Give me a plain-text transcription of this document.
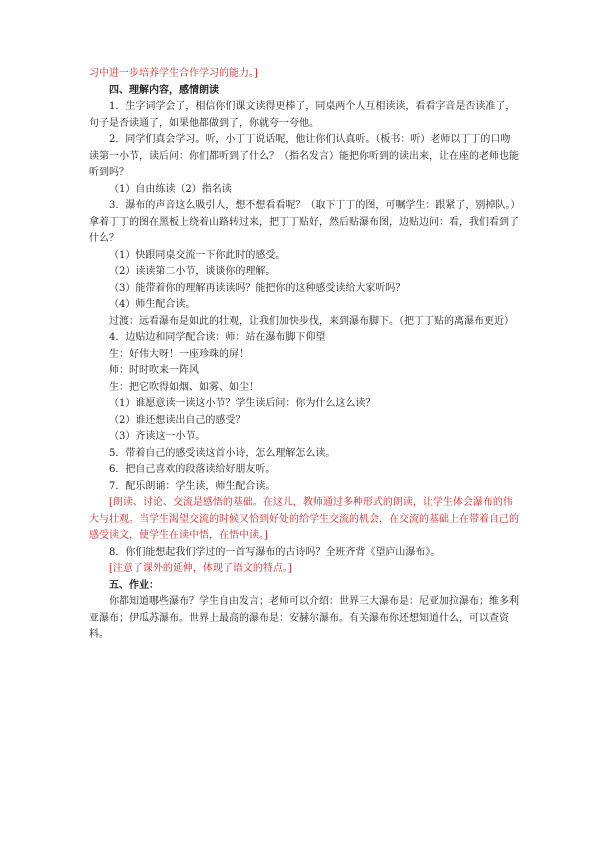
习中进一步培养学生合作学习的能力。]

四、理解内容，感情朗读

1．生字词学会了，相信你们课文读得更棒了，同桌两个人互相读读，看看字音是否读准了，句子是否读通了，如果他都做到了，你就夸一夸他。

2．同学们真会学习。听，小丁丁说话呢，他让你们认真听。（板书：听）老师以丁丁的口吻读第一小节，读后问：你们都听到了什么？（指名发言）能把你听到的读出来，让在座的老师也能听到吗？

（1）自由练读（2）指名读

3．瀑布的声音这么吸引人，想不想看看呢？（取下丁丁的图，可嘱学生：跟紧了，别掉队。）拿着丁丁的图在黑板上绕着山路转过来，把丁丁贴好，然后贴瀑布图，边贴边问：看，我们看到了什么？

（1）快跟同桌交流一下你此时的感受。

（2）读读第二小节，谈谈你的理解。

（3）能带着你的理解再读读吗？能把你的这种感受读给大家听吗？

（4）师生配合读。

过渡：远看瀑布是如此的壮观，让我们加快步伐，来到瀑布脚下。（把丁丁贴的离瀑布更近）

4．边贴边和同学配合读：师：站在瀑布脚下仰望

生：好伟大呀！一座珍珠的屏！

师：时时吹来一阵风

生：把它吹得如烟、如雾、如尘！

（1）谁愿意读一读这小节？学生读后问：你为什么这么读？

（2）谁还想读出自己的感受？

（3）齐读这一小节。

5．带着自己的感受读这首小诗，怎么理解怎么读。

6．把自己喜欢的段落读给好朋友听。

7．配乐朗诵：学生读，师生配合读。

[朗读、讨论、交流是感悟的基础。在这儿，教师通过多种形式的朗读，让学生体会瀑布的伟大与壮观。当学生渴望交流的时候又恰到好处的给学生交流的机会，在交流的基础上在带着自己的感受读文，使学生在读中悟，在悟中读。]

8．你们能想起我们学过的一首写瀑布的古诗吗？全班齐背《望庐山瀑布》。

[注意了课外的延伸，体现了语文的特点。]

五、作业：

你都知道哪些瀑布？学生自由发言；老师可以介绍：世界三大瀑布是：尼亚加拉瀑布；维多利亚瀑布；伊瓜苏瀑布。世界上最高的瀑布是：安赫尔瀑布。有关瀑布你还想知道什么，可以查资料。
